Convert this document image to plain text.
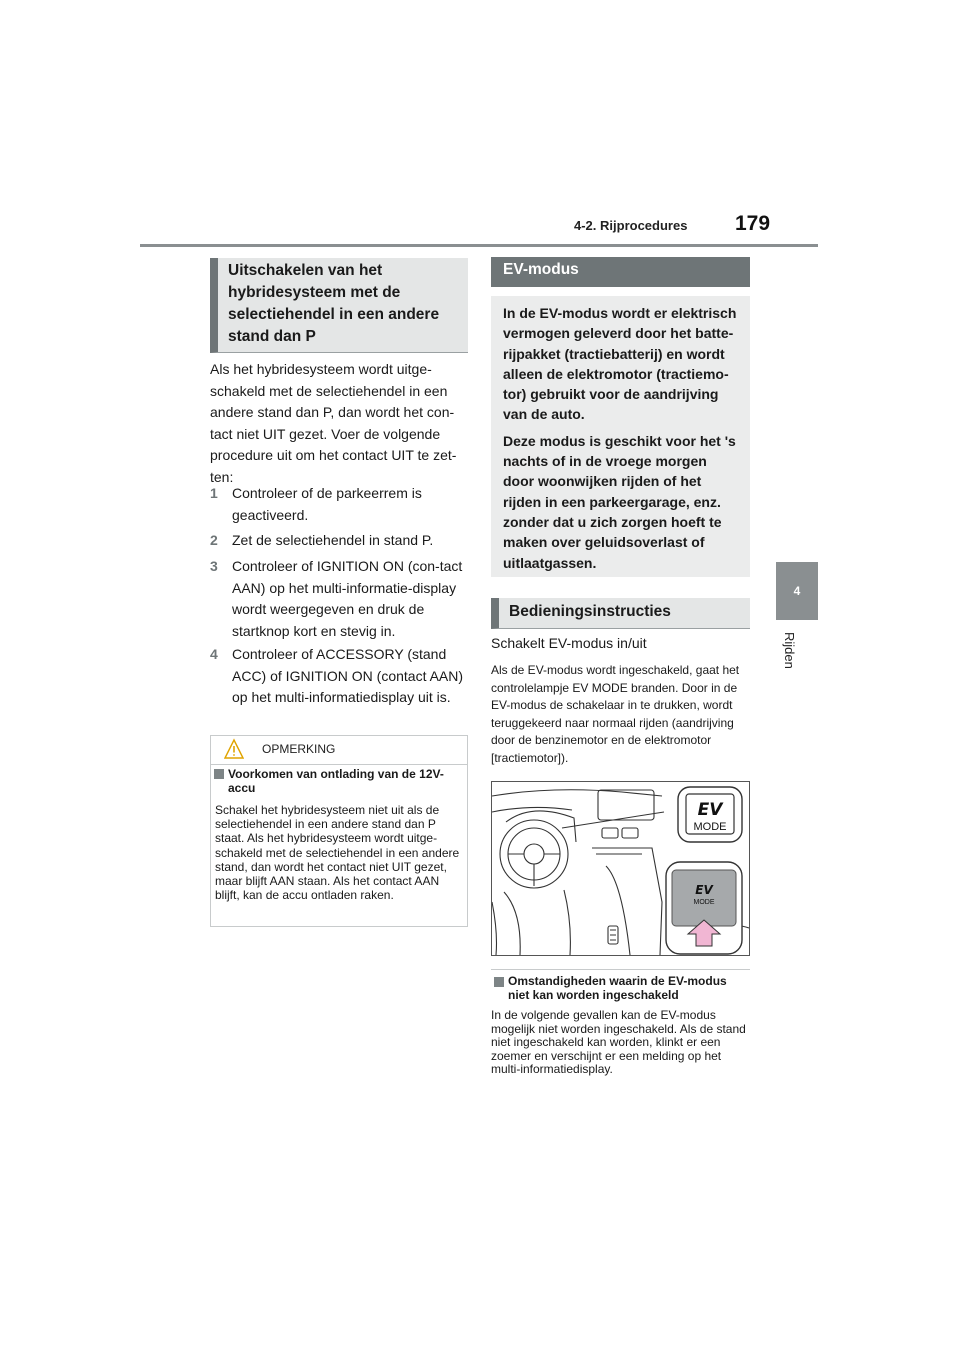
4-2. Rijprocedures 179
4
Rijden
Uitschakelen van het hybridesysteem met de selectiehendel in een andere stand dan P
Als het hybridesysteem wordt uitge-schakeld met de selectiehendel in een andere stand dan P, dan wordt het con-tact niet UIT gezet. Voer de volgende procedure uit om het contact UIT te zet-ten:
1 Controleer of de parkeerrem is geactiveerd.
2 Zet de selectiehendel in stand P.
3 Controleer of IGNITION ON (con-tact AAN) op het multi-informatie-display wordt weergegeven en druk de startknop kort en stevig in.
4 Controleer of ACCESSORY (stand ACC) of IGNITION ON (contact AAN) op het multi-informatiedisplay uit is.
OPMERKING
Voorkomen van ontlading van de 12V-accu
Schakel het hybridesysteem niet uit als de selectiehendel in een andere stand dan P staat. Als het hybridesysteem wordt uitge-schakeld met de selectiehendel in een andere stand, dan wordt het contact niet UIT gezet, maar blijft AAN staan. Als het contact AAN blijft, kan de accu ontladen raken.
EV-modus

In de EV-modus wordt er elektrisch vermogen geleverd door het batte-rijpakket (tractiebatterij) en wordt alleen de elektromotor (tractiemo-tor) gebruikt voor de aandrijving van de auto.

Deze modus is geschikt voor het 's nachts of in de vroege morgen door woonwijken rijden of het rijden in een parkeergarage, enz. zonder dat u zich zorgen hoeft te maken over geluidsoverlast of uitlaatgassen.

Bedieningsinstructies
Schakelt EV-modus in/uit
Als de EV-modus wordt ingeschakeld, gaat het controlelampje EV MODE branden. Door in de EV-modus de schakelaar in te drukken, wordt teruggekeerd naar normaal rijden (aandrijving door de benzinemotor en de elektromotor [tractiemotor]).
EV
MODE
EV
MODE
Omstandigheden waarin de EV-modus niet kan worden ingeschakeld
In de volgende gevallen kan de EV-modus mogelijk niet worden ingeschakeld. Als de stand niet ingeschakeld kan worden, klinkt er een zoemer en verschijnt er een melding op het multi-informatiedisplay.
